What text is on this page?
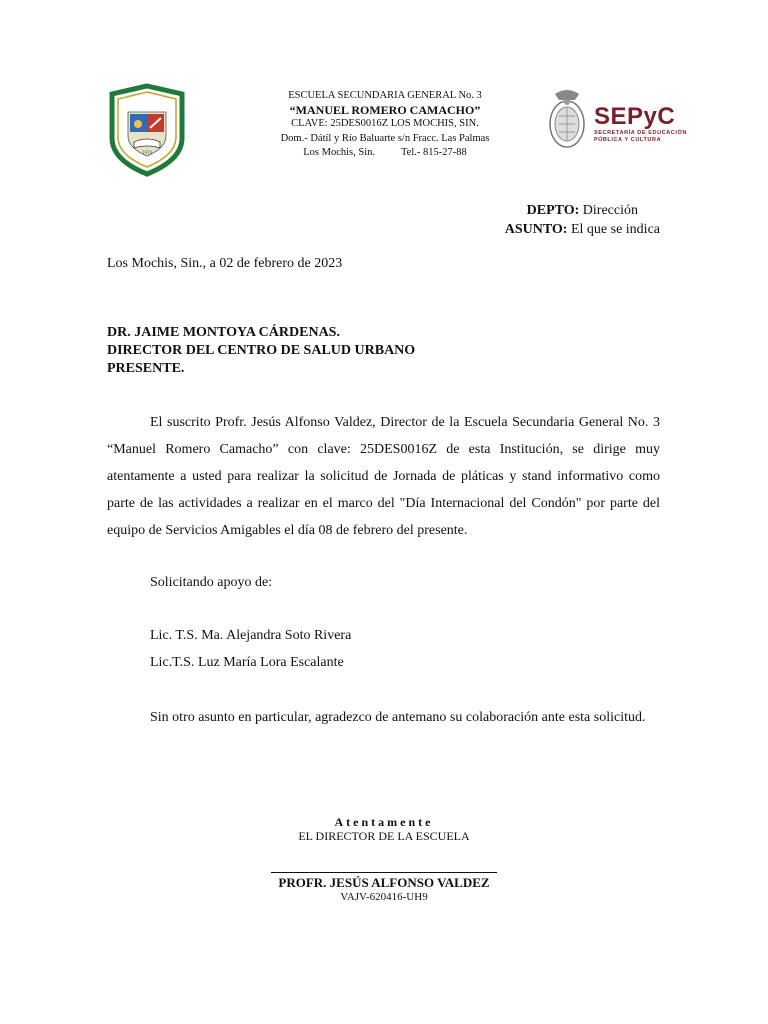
1970
ESCUELA SECUNDARIA GENERAL No. 3
“MANUEL ROMERO CAMACHO”
CLAVE: 25DES0016Z LOS MOCHIS, SIN.
Dom.- Dátil y Río Baluarte s/n Fracc. Las Palmas
Los Mochis, Sin. Tel.- 815-27-88
SEPyC
SECRETARÍA DE EDUCACIÓN
PÚBLICA Y CULTURA
DEPTO: Dirección
ASUNTO: El que se indica
Los Mochis, Sin., a 02 de febrero de 2023
DR. JAIME MONTOYA CÁRDENAS.
DIRECTOR DEL CENTRO DE SALUD URBANO
PRESENTE.

El suscrito Profr. Jesús Alfonso Valdez, Director de la Escuela Secundaria General No. 3 “Manuel Romero Camacho” con clave: 25DES0016Z de esta Institución, se dirige muy atentamente a usted para realizar la solicitud de Jornada de pláticas y stand informativo como parte de las actividades a realizar en el marco del "Día Internacional del Condón" por parte del equipo de Servicios Amigables el día 08 de febrero del presente.

Solicitando apoyo de:

Lic. T.S. Ma. Alejandra Soto Rivera
Lic.T.S. Luz María Lora Escalante

Sin otro asunto en particular, agradezco de antemano su colaboración ante esta solicitud.

Atentamente
EL DIRECTOR DE LA ESCUELA
PROFR. JESÚS ALFONSO VALDEZ
VAJV-620416-UH9
